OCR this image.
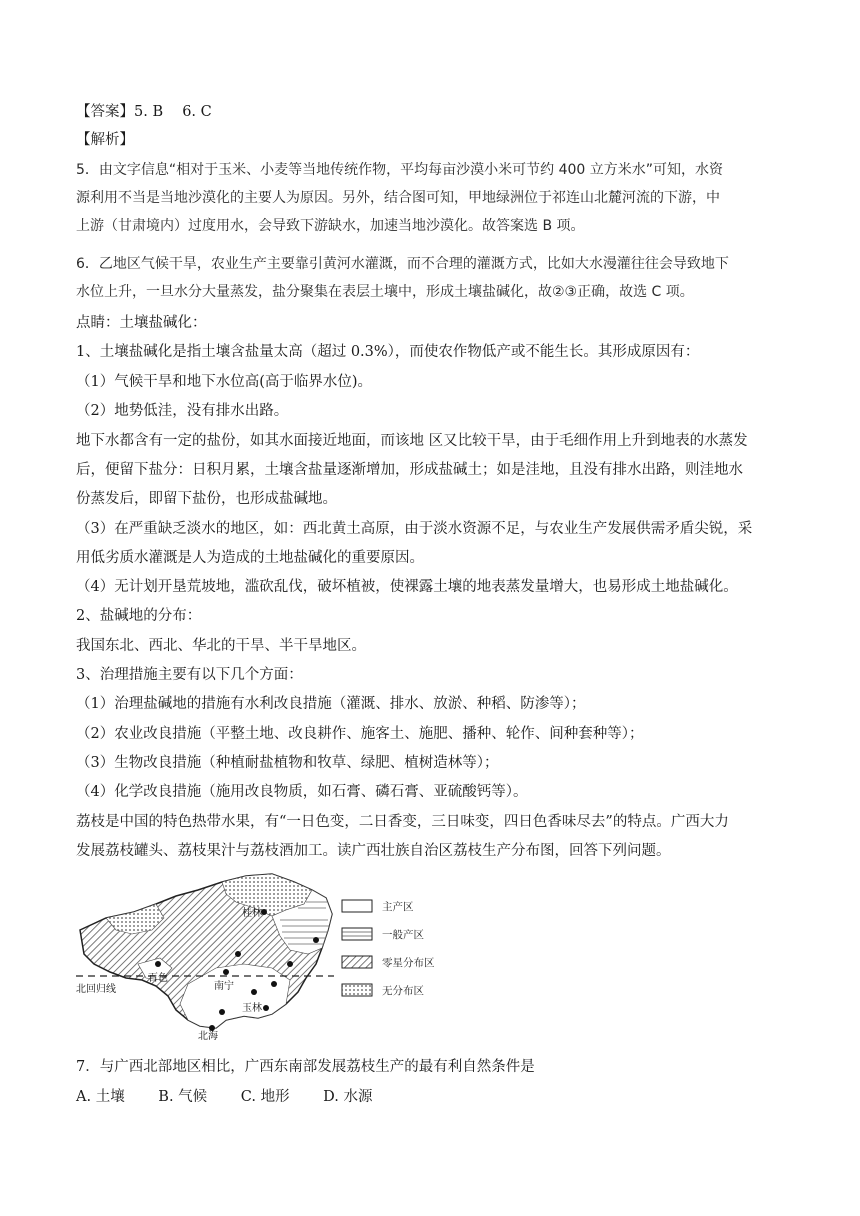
【答案】5. B　 6. C
【解析】
5．由文字信息“相对于玉米、小麦等当地传统作物，平均每亩沙漠小米可节约 400 立方米水”可知，水资
源利用不当是当地沙漠化的主要人为原因。另外，结合图可知，甲地绿洲位于祁连山北麓河流的下游，中
上游（甘肃境内）过度用水，会导致下游缺水，加速当地沙漠化。故答案选 B 项。
6．乙地区气候干旱，农业生产主要靠引黄河水灌溉，而不合理的灌溉方式，比如大水漫灌往往会导致地下
水位上升，一旦水分大量蒸发，盐分聚集在表层土壤中，形成土壤盐碱化，故②③正确，故选 C 项。
点睛：土壤盐碱化：
1、土壤盐碱化是指土壤含盐量太高（超过 0.3%），而使农作物低产或不能生长。其形成原因有：
（1）气候干旱和地下水位高(高于临界水位)。
（2）地势低洼，没有排水出路。
地下水都含有一定的盐份，如其水面接近地面，而该地 区又比较干旱，由于毛细作用上升到地表的水蒸发
后，便留下盐分：日积月累，土壤含盐量逐渐增加，形成盐碱土；如是洼地，且没有排水出路，则洼地水
份蒸发后，即留下盐份，也形成盐碱地。
（3）在严重缺乏淡水的地区，如：西北黄土高原，由于淡水资源不足，与农业生产发展供需矛盾尖锐，采
用低劣质水灌溉是人为造成的土地盐碱化的重要原因。
（4）无计划开垦荒坡地，滥砍乱伐，破坏植被，使裸露土壤的地表蒸发量增大，也易形成土地盐碱化。
2、盐碱地的分布：
我国东北、西北、华北的干旱、半干旱地区。
3、治理措施主要有以下几个方面：
（1）治理盐碱地的措施有水利改良措施（灌溉、排水、放淤、种稻、防渗等）；
（2）农业改良措施（平整土地、改良耕作、施客土、施肥、播种、轮作、间种套种等）；
（3）生物改良措施（种植耐盐植物和牧草、绿肥、植树造林等）；
（4）化学改良措施（施用改良物质，如石膏、磷石膏、亚硫酸钙等）。
荔枝是中国的特色热带水果，有“一日色变，二日香变，三日味变，四日色香味尽去”的特点。广西大力
发展荔枝罐头、荔枝果汁与荔枝酒加工。读广西壮族自治区荔枝生产分布图，回答下列问题。
北回归线
桂林
百色
南宁
玉林
北海
主产区
一般产区
零星分布区
无分布区
7．与广西北部地区相比，广西东南部发展荔枝生产的最有利自然条件是
A. 土壤　 　B. 气候　 　C. 地形　 　D. 水源
